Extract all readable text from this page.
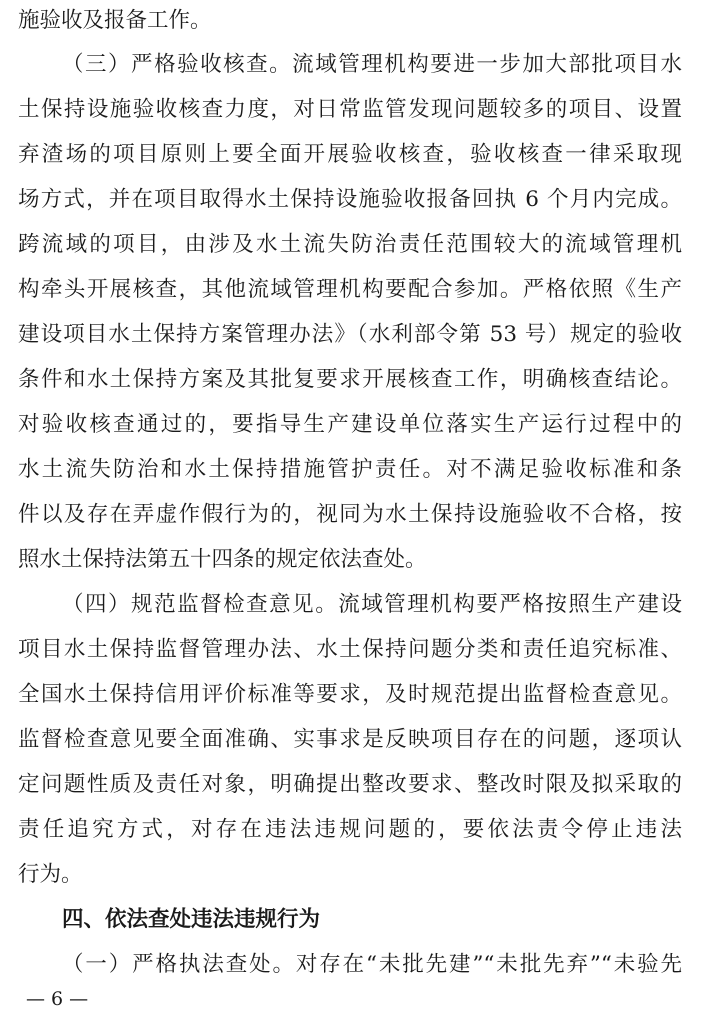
施验收及报备工作。
（三）严格验收核查。流域管理机构要进一步加大部批项目水
土保持设施验收核查力度，对日常监管发现问题较多的项目、设置
弃渣场的项目原则上要全面开展验收核查，验收核查一律采取现
场方式，并在项目取得水土保持设施验收报备回执 6 个月内完成。
跨流域的项目，由涉及水土流失防治责任范围较大的流域管理机
构牵头开展核查，其他流域管理机构要配合参加。严格依照《生产
建设项目水土保持方案管理办法》（水利部令第 53 号）规定的验收
条件和水土保持方案及其批复要求开展核查工作，明确核查结论。
对验收核查通过的，要指导生产建设单位落实生产运行过程中的
水土流失防治和水土保持措施管护责任。对不满足验收标准和条
件以及存在弄虚作假行为的，视同为水土保持设施验收不合格，按
照水土保持法第五十四条的规定依法查处。
（四）规范监督检查意见。流域管理机构要严格按照生产建设
项目水土保持监督管理办法、水土保持问题分类和责任追究标准、
全国水土保持信用评价标准等要求，及时规范提出监督检查意见。
监督检查意见要全面准确、实事求是反映项目存在的问题，逐项认
定问题性质及责任对象，明确提出整改要求、整改时限及拟采取的
责任追究方式，对存在违法违规问题的，要依法责令停止违法
行为。
四、依法查处违法违规行为
（一）严格执法查处。对存在“未批先建”“未批先弃”“未验先
— 6 —
